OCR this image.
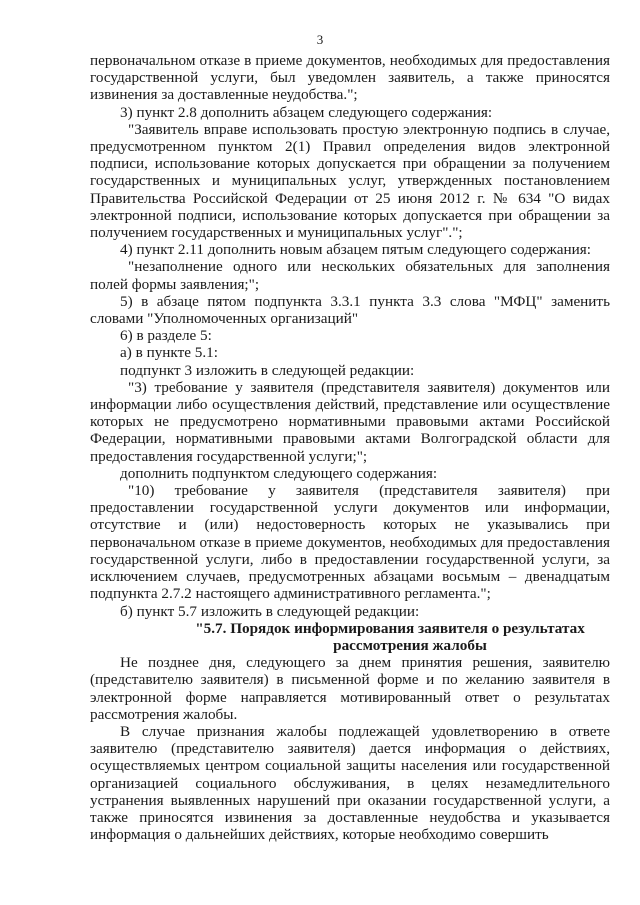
3

первоначальном отказе в приеме документов, необходимых для предоставления государственной услуги, был уведомлен заявитель, а также приносятся извинения за доставленные неудобства.";

3) пункт 2.8 дополнить абзацем следующего содержания:

"Заявитель вправе использовать простую электронную подпись в случае, предусмотренном пунктом 2(1) Правил определения видов электронной подписи, использование которых допускается при обращении за получением государственных и муниципальных услуг, утвержденных постановлением Правительства Российской Федерации от 25 июня 2012 г. № 634 "О видах электронной подписи, использование которых допускается при обращении за получением государственных и муниципальных услуг".";

4) пункт 2.11 дополнить новым абзацем пятым следующего содержания:

"незаполнение одного или нескольких обязательных для заполнения полей формы заявления;";

5) в абзаце пятом подпункта 3.3.1 пункта 3.3 слова "МФЦ" заменить словами "Уполномоченных организаций"

6) в разделе 5:

а) в пункте 5.1:

подпункт 3 изложить в следующей редакции:

"3) требование у заявителя (представителя заявителя) документов или информации либо осуществления действий, представление или осуществление которых не предусмотрено нормативными правовыми актами Российской Федерации, нормативными правовыми актами Волгоградской области для предоставления государственной услуги;";

дополнить подпунктом следующего содержания:

"10) требование у заявителя (представителя заявителя) при предоставлении государственной услуги документов или информации, отсутствие и (или) недостоверность которых не указывались при первоначальном отказе в приеме документов, необходимых для предоставления государственной услуги, либо в предоставлении государственной услуги, за исключением случаев, предусмотренных абзацами восьмым – двенадцатым подпункта 2.7.2 настоящего административного регламента.";

б) пункт 5.7 изложить в следующей редакции:

"5.7. Порядок информирования заявителя о результатах
рассмотрения жалобы

Не позднее дня, следующего за днем принятия решения, заявителю (представителю заявителя) в письменной форме и по желанию заявителя в электронной форме направляется мотивированный ответ о результатах рассмотрения жалобы.

В случае признания жалобы подлежащей удовлетворению в ответе заявителю (представителю заявителя) дается информация о действиях, осуществляемых центром социальной защиты населения или государственной организацией социального обслуживания, в целях незамедлительного устранения выявленных нарушений при оказании государственной услуги, а также приносятся извинения за доставленные неудобства и указывается информация о дальнейших действиях, которые необходимо совершить
